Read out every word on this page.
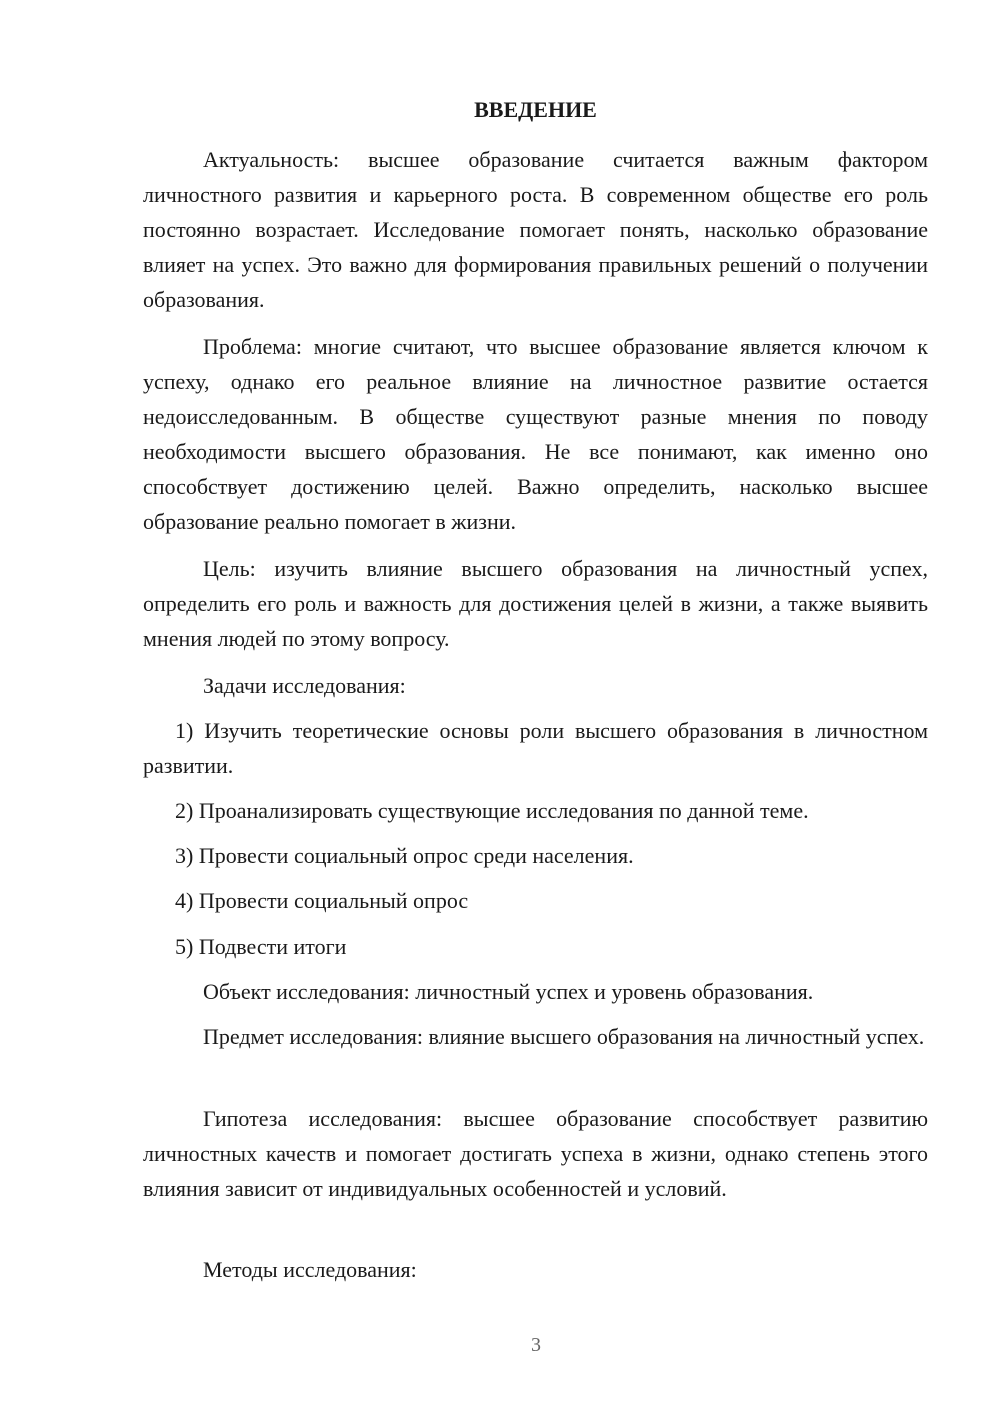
ВВЕДЕНИЕ

Актуальность: высшее образование считается важным фактором личностного развития и карьерного роста. В современном обществе его роль постоянно возрастает. Исследование помогает понять, насколько образование влияет на успех. Это важно для формирования правильных решений о получении образования.

Проблема: многие считают, что высшее образование является ключом к успеху, однако его реальное влияние на личностное развитие остается недоисследованным. В обществе существуют разные мнения по поводу необходимости высшего образования. Не все понимают, как именно оно способствует достижению целей. Важно определить, насколько высшее образование реально помогает в жизни.

Цель: изучить влияние высшего образования на личностный успех, определить его роль и важность для достижения целей в жизни, а также выявить мнения людей по этому вопросу.

Задачи исследования:

1) Изучить теоретические основы роли высшего образования в личностном развитии.

2) Проанализировать существующие исследования по данной теме.

3) Провести социальный опрос среди населения.

4) Провести социальный опрос

5) Подвести итоги

Объект исследования: личностный успех и уровень образования.

Предмет исследования: влияние высшего образования на личностный успех.

Гипотеза исследования: высшее образование способствует развитию личностных качеств и помогает достигать успеха в жизни, однако степень этого влияния зависит от индивидуальных особенностей и условий.

Методы исследования:

3
